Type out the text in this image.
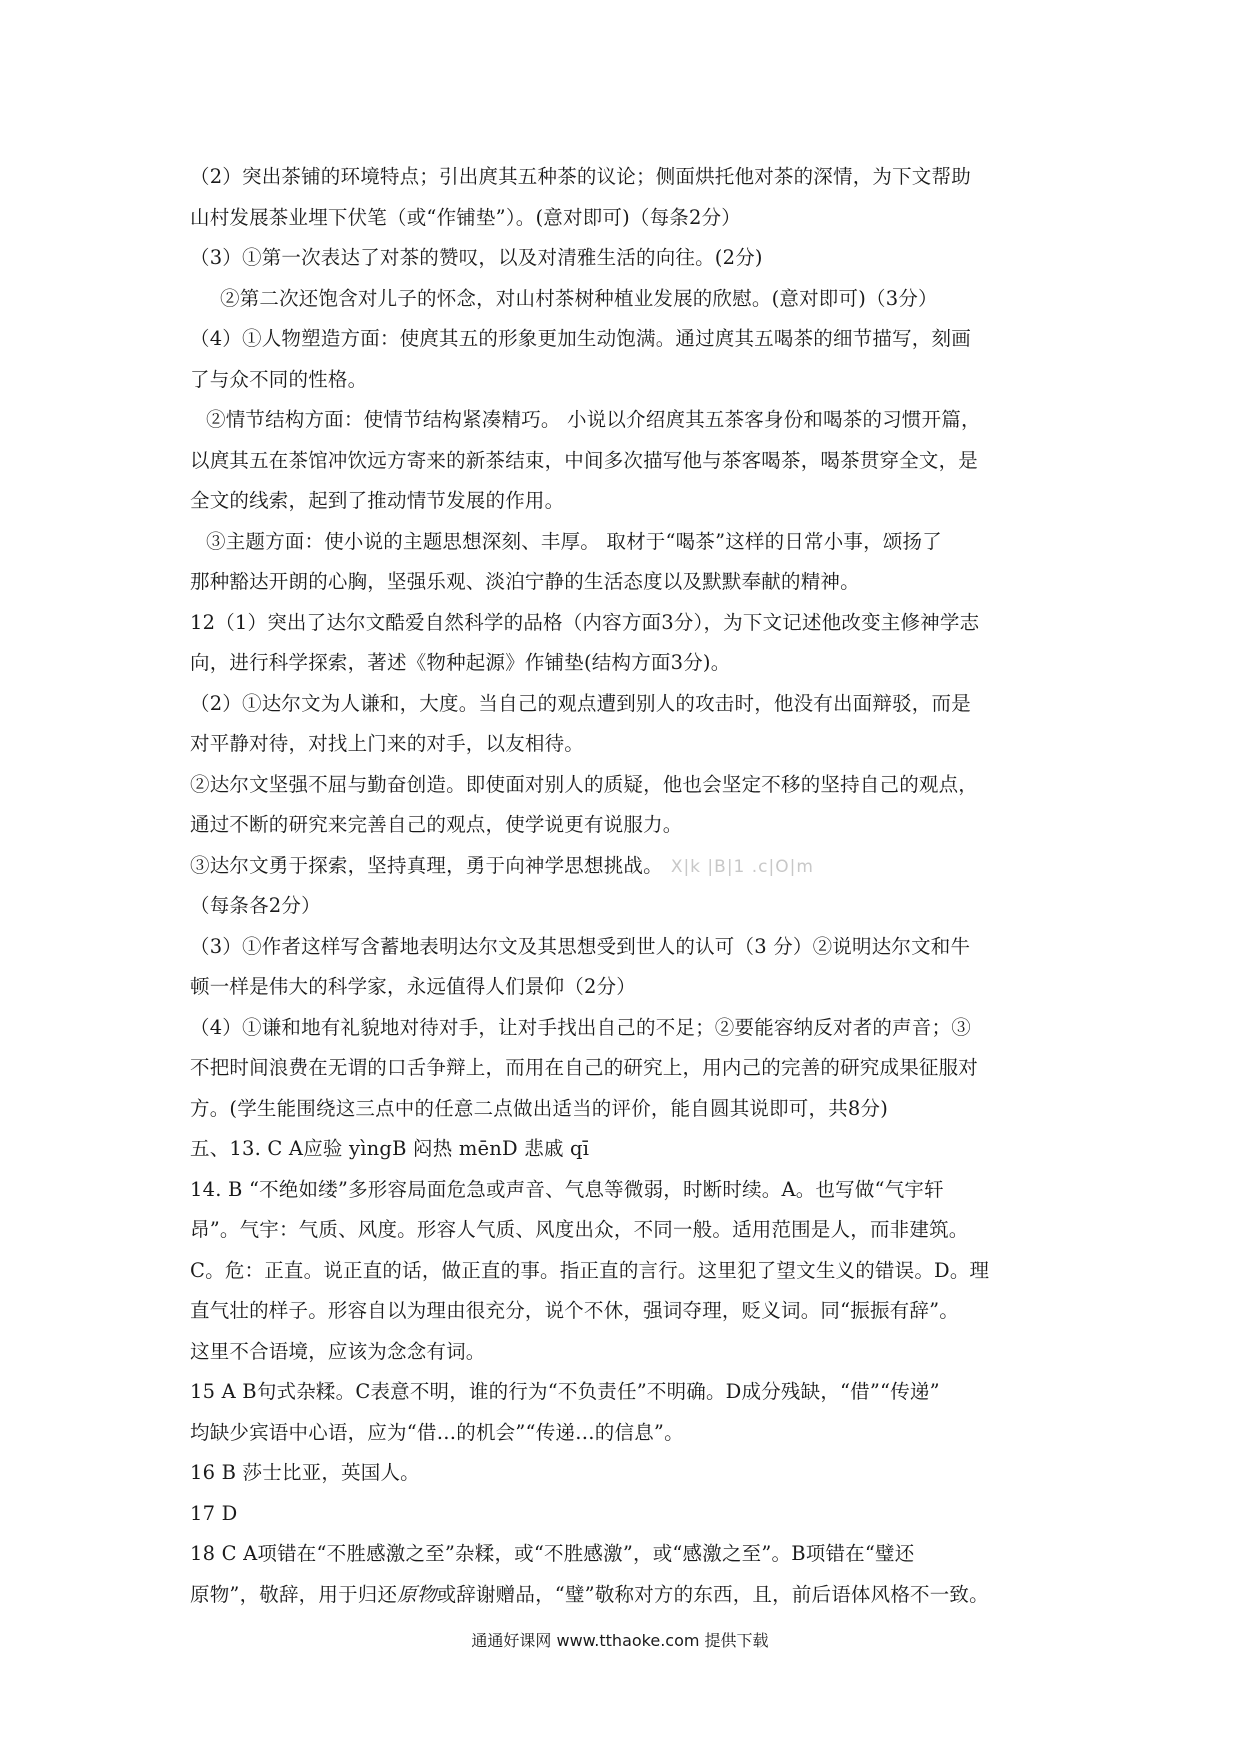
（2）突出茶铺的环境特点；引出庹其五种茶的议论；侧面烘托他对茶的深情，为下文帮助
山村发展茶业埋下伏笔（或“作铺垫”）。(意对即可)（每条2分）
（3）①第一次表达了对茶的赞叹，以及对清雅生活的向往。(2分)
②第二次还饱含对儿子的怀念，对山村茶树种植业发展的欣慰。(意对即可)（3分）
（4）①人物塑造方面：使庹其五的形象更加生动饱满。通过庹其五喝茶的细节描写，刻画
了与众不同的性格。
②情节结构方面：使情节结构紧凑精巧。 小说以介绍庹其五茶客身份和喝茶的习惯开篇，
以庹其五在茶馆冲饮远方寄来的新茶结束，中间多次描写他与茶客喝茶，喝茶贯穿全文，是
全文的线索，起到了推动情节发展的作用。
③主题方面：使小说的主题思想深刻、丰厚。 取材于“喝茶”这样的日常小事，颂扬了
那种豁达开朗的心胸，坚强乐观、淡泊宁静的生活态度以及默默奉献的精神。
12（1）突出了达尔文酷爱自然科学的品格（内容方面3分），为下文记述他改变主修神学志
向，进行科学探索，著述《物种起源》作铺垫(结构方面3分)。
（2）①达尔文为人谦和，大度。当自己的观点遭到别人的攻击时，他没有出面辩驳，而是
对平静对待，对找上门来的对手，以友相待。
②达尔文坚强不屈与勤奋创造。即使面对别人的质疑，他也会坚定不移的坚持自己的观点，
通过不断的研究来完善自己的观点，使学说更有说服力。
③达尔文勇于探索，坚持真理，勇于向神学思想挑战。 X|k |B|1 .c|O|m
（每条各2分）
（3）①作者这样写含蓄地表明达尔文及其思想受到世人的认可（3 分）②说明达尔文和牛
顿一样是伟大的科学家，永远值得人们景仰（2分）
（4）①谦和地有礼貌地对待对手，让对手找出自己的不足；②要能容纳反对者的声音；③
不把时间浪费在无谓的口舌争辩上，而用在自己的研究上，用内己的完善的研究成果征服对
方。(学生能围绕这三点中的任意二点做出适当的评价，能自圆其说即可，共8分)
五、13. C A应验 yìngB 闷热 mēnD 悲戚 qī
14. B “不绝如缕”多形容局面危急或声音、气息等微弱，时断时续。A。也写做“气宇轩
昂”。气宇：气质、风度。形容人气质、风度出众，不同一般。适用范围是人，而非建筑。
C。危：正直。说正直的话，做正直的事。指正直的言行。这里犯了望文生义的错误。D。理
直气壮的样子。形容自以为理由很充分，说个不休，强词夺理，贬义词。同“振振有辞”。
这里不合语境，应该为念念有词。
15 A B句式杂糅。C表意不明，谁的行为“不负责任”不明确。D成分残缺，“借”“传递”
均缺少宾语中心语，应为“借…的机会”“传递…的信息”。
16 B 莎士比亚，英国人。
17 D
18 C A项错在“不胜感激之至”杂糅，或“不胜感激”，或“感激之至”。B项错在“璧还
原物”，敬辞，用于归还原物或辞谢赠品，“璧”敬称对方的东西，且，前后语体风格不一致。
通通好课网 www.tthaoke.com 提供下载
